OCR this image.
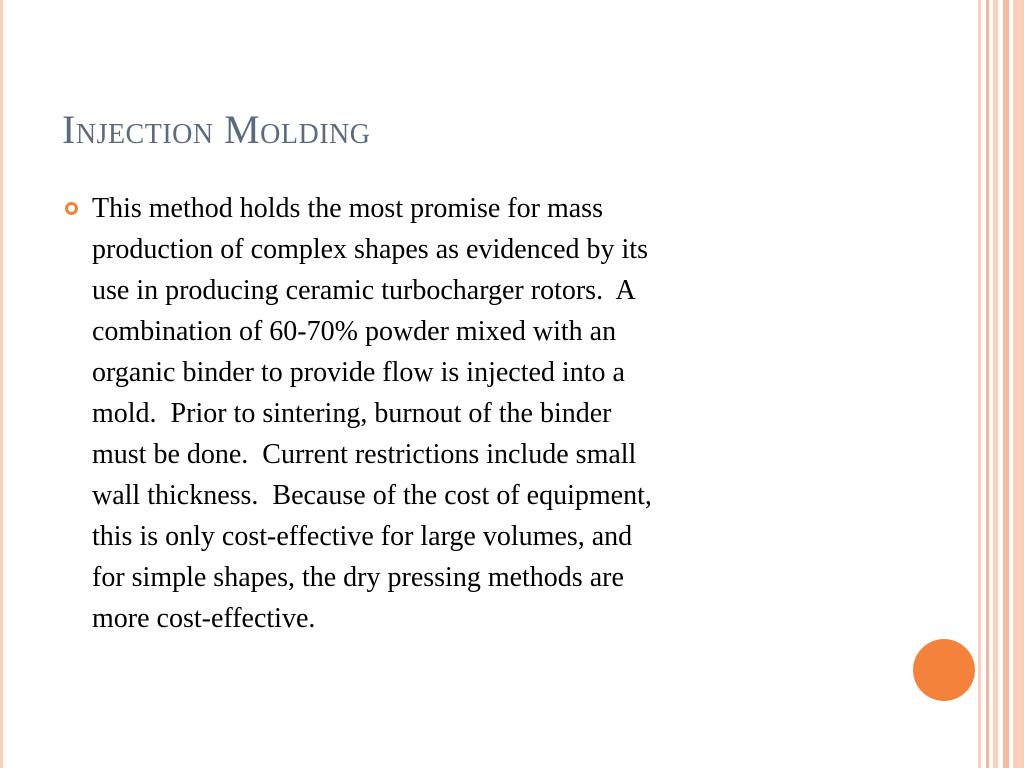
Injection Molding

This method holds the most promise for mass
production of complex shapes as evidenced by its
use in producing ceramic turbocharger rotors.  A
combination of 60-70% powder mixed with an
organic binder to provide flow is injected into a
mold.  Prior to sintering, burnout of the binder
must be done.  Current restrictions include small
wall thickness.  Because of the cost of equipment,
this is only cost-effective for large volumes, and
for simple shapes, the dry pressing methods are
more cost-effective.
